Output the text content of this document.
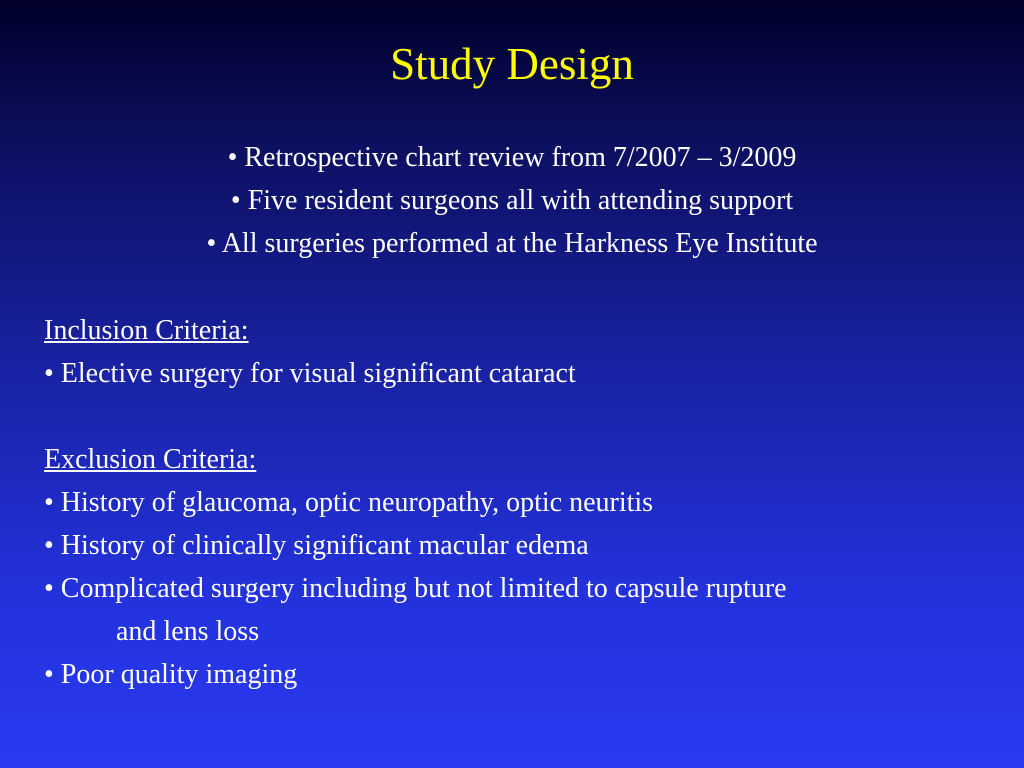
Study Design
• Retrospective chart review from 7/2007 – 3/2009
• Five resident surgeons all with attending support
• All surgeries performed at the Harkness Eye Institute
Inclusion Criteria:
• Elective surgery for visual significant cataract
Exclusion Criteria:
• History of glaucoma, optic neuropathy, optic neuritis
• History of clinically significant macular edema
• Complicated surgery including but not limited to capsule rupture
and lens loss
• Poor quality imaging
